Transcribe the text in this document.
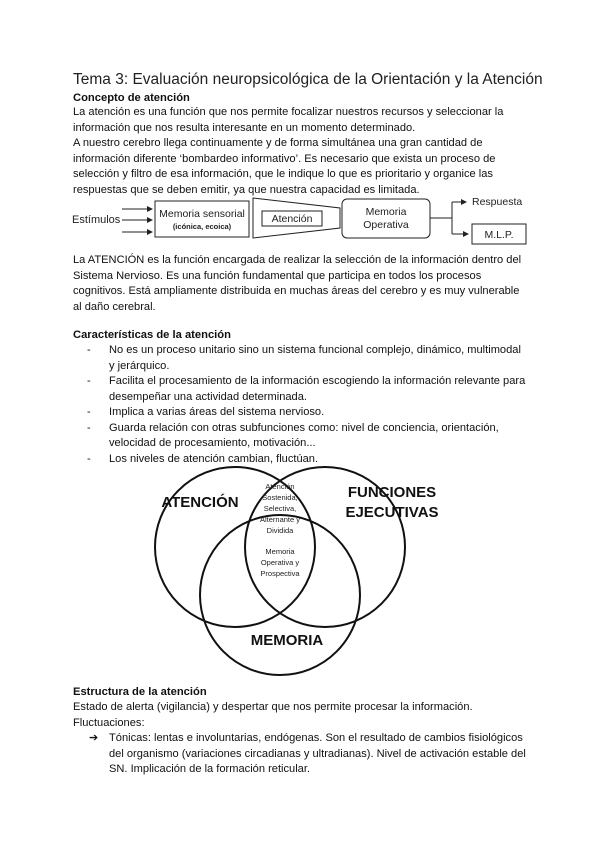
Tema 3: Evaluación neuropsicológica de la Orientación y la Atención
Concepto de atención
La atención es una función que nos permite focalizar nuestros recursos y seleccionar la
información que nos resulta interesante en un momento determinado.
A nuestro cerebro llega continuamente y de forma simultánea una gran cantidad de
información diferente ‘bombardeo informativo’. Es necesario que exista un proceso de
selección y filtro de esa información, que le indique lo que es prioritario y organice las
respuestas que se deben emitir, ya que nuestra capacidad es limitada.
Estímulos	Memoria sensorial
(icónica, ecoica)
Atención
Memoria
Operativa
Respuesta
M.L.P.
La ATENCIÓN es la función encargada de realizar la selección de la información dentro del
Sistema Nervioso. Es una función fundamental que participa en todos los procesos
cognitivos. Está ampliamente distribuida en muchas áreas del cerebro y es muy vulnerable
al daño cerebral.
Características de la atención
- No es un proceso unitario sino un sistema funcional complejo, dinámico, multimodal
y jerárquico.
- Facilita el procesamiento de la información escogiendo la información relevante para
desempeñar una actividad determinada.
- Implica a varias áreas del sistema nervioso.
- Guarda relación con otras subfunciones como: nivel de conciencia, orientación,
velocidad de procesamiento, motivación...
- Los niveles de atención cambian, fluctúan.
ATENCIÓN
FUNCIONES
EJECUTIVAS
MEMORIA
Atención
Sostenida,
Selectiva,
Alternante y
Dividida
Memoria
Operativa y
Prospectiva
Estructura de la atención
Estado de alerta (vigilancia) y despertar que nos permite procesar la información.
Fluctuaciones:
➔ Tónicas: lentas e involuntarias, endógenas. Son el resultado de cambios fisiológicos
del organismo (variaciones circadianas y ultradianas). Nivel de activación estable del
SN. Implicación de la formación reticular.
